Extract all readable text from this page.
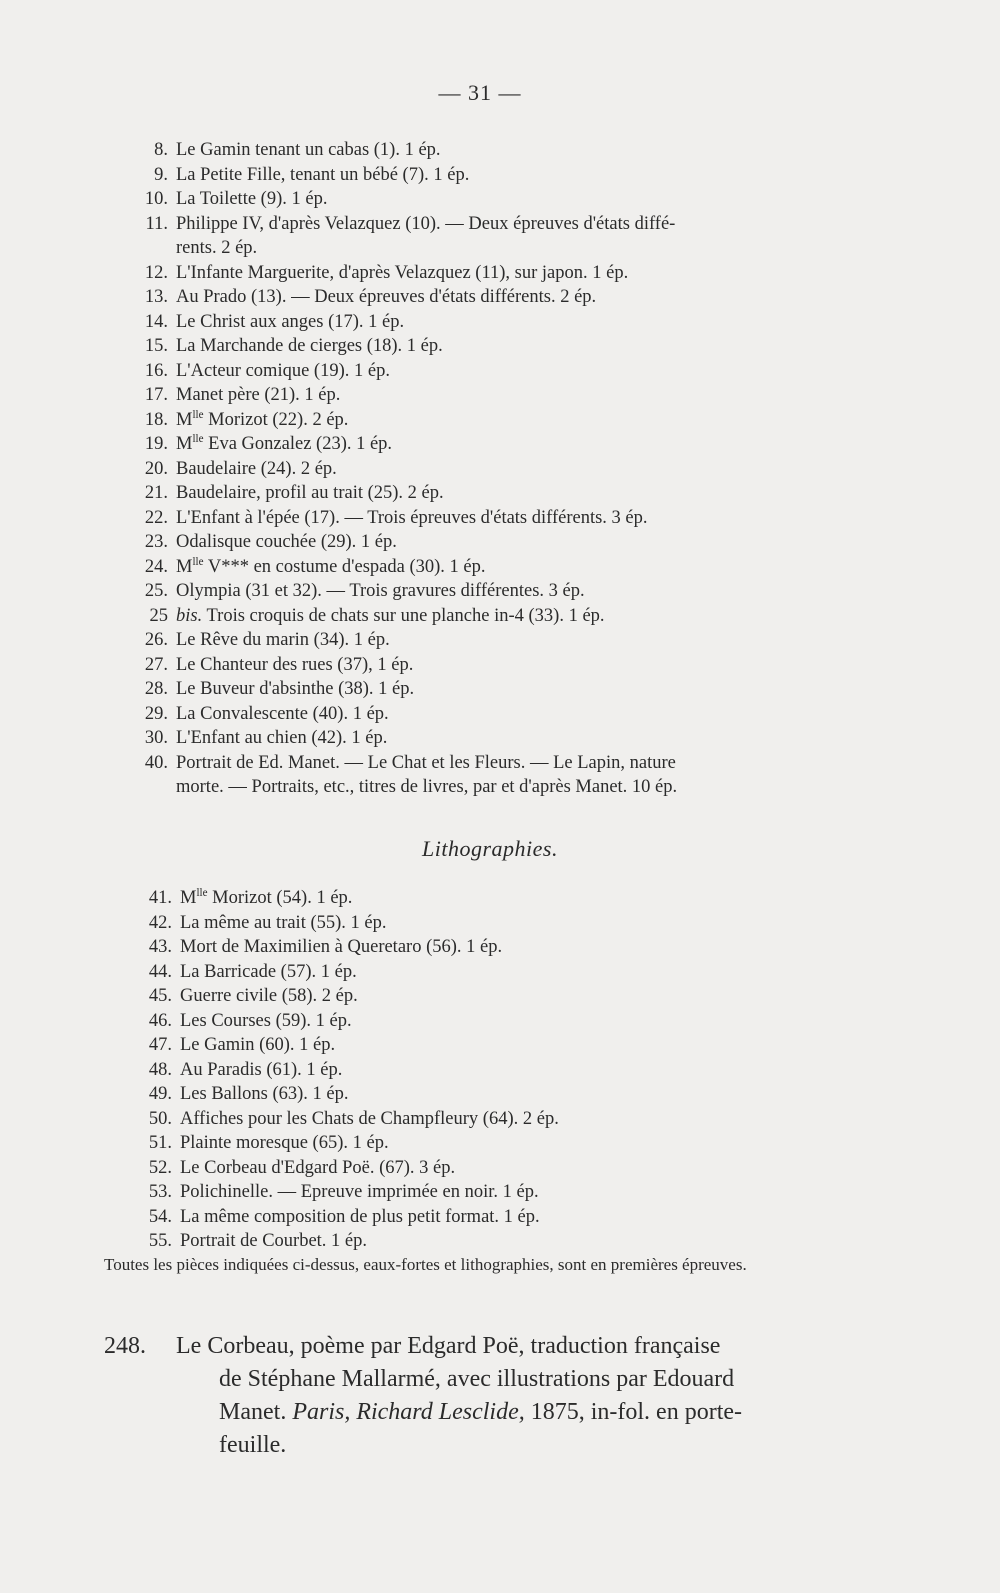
— 31 —
8. Le Gamin tenant un cabas (1). 1 ép.
9. La Petite Fille, tenant un bébé (7). 1 ép.
10. La Toilette (9). 1 ép.
11. Philippe IV, d'après Velazquez (10). — Deux épreuves d'états diffé-
rents. 2 ép.
12. L'Infante Marguerite, d'après Velazquez (11), sur japon. 1 ép.
13. Au Prado (13). — Deux épreuves d'états différents. 2 ép.
14. Le Christ aux anges (17). 1 ép.
15. La Marchande de cierges (18). 1 ép.
16. L'Acteur comique (19). 1 ép.
17. Manet père (21). 1 ép.
18. $M^{lle}$ Morizot (22). 2 ép.
19. $M^{lle}$ Eva Gonzalez (23). 1 ép.
20. Baudelaire (24). 2 ép.
21. Baudelaire, profil au trait (25). 2 ép.
22. L'Enfant à l'épée (17). — Trois épreuves d'états différents. 3 ép.
23. Odalisque couchée (29). 1 ép.
24. $M^{lle}$ V*** en costume d'espada (30). 1 ép.
25. Olympia (31 et 32). — Trois gravures différentes. 3 ép.
25 bis. Trois croquis de chats sur une planche in-4 (33). 1 ép.
26. Le Rêve du marin (34). 1 ép.
27. Le Chanteur des rues (37), 1 ép.
28. Le Buveur d'absinthe (38). 1 ép.
29. La Convalescente (40). 1 ép.
30. L'Enfant au chien (42). 1 ép.
40. Portrait de Ed. Manet. — Le Chat et les Fleurs. — Le Lapin, nature
morte. — Portraits, etc., titres de livres, par et d'après Manet. 10 ép.
Lithographies.
41. $M^{lle}$ Morizot (54). 1 ép.
42. La même au trait (55). 1 ép.
43. Mort de Maximilien à Queretaro (56). 1 ép.
44. La Barricade (57). 1 ép.
45. Guerre civile (58). 2 ép.
46. Les Courses (59). 1 ép.
47. Le Gamin (60). 1 ép.
48. Au Paradis (61). 1 ép.
49. Les Ballons (63). 1 ép.
50. Affiches pour les Chats de Champfleury (64). 2 ép.
51. Plainte moresque (65). 1 ép.
52. Le Corbeau d'Edgard Poë. (67). 3 ép.
53. Polichinelle. — Epreuve imprimée en noir. 1 ép.
54. La même composition de plus petit format. 1 ép.
55. Portrait de Courbet. 1 ép.
Toutes les pièces indiquées ci-dessus, eaux-fortes et lithographies, sont en premières épreuves.
248.	Le Corbeau, poème par Edgard Poë, traduction française
de Stéphane Mallarmé, avec illustrations par Edouard
Manet. Paris, Richard Lesclide, 1875, in-fol. en porte-
feuille.
